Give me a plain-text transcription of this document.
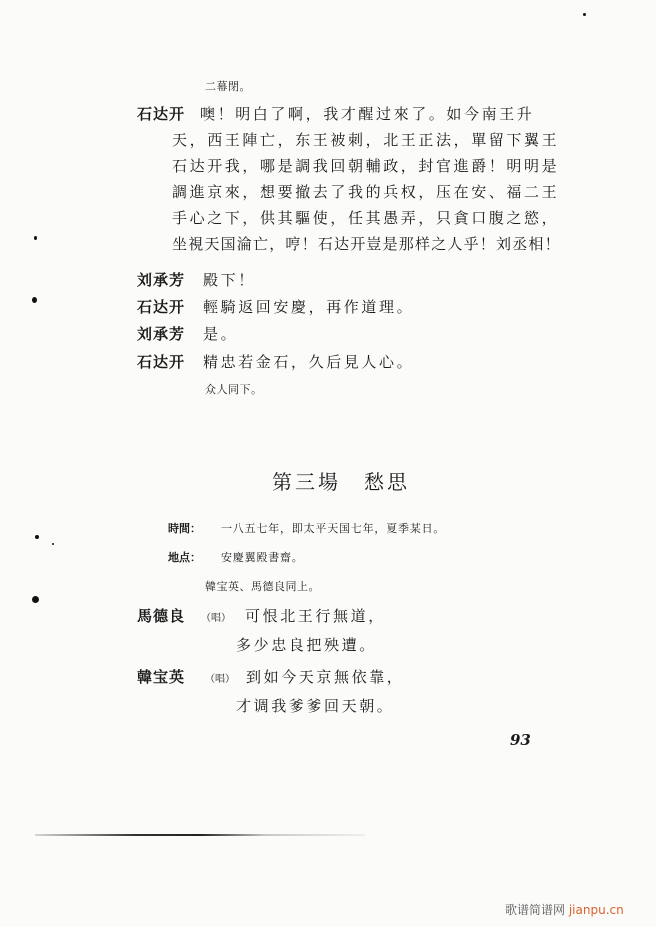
二幕閉。
石达开 噢！明白了啊，我才醒过來了。如今南王升
天，西王陣亡，东王被刺，北王正法，單留下翼王
石达开我，哪是調我回朝輔政，封官進爵！明明是
調進京來，想要撤去了我的兵权，压在安、福二王
手心之下，供其驅使，任其愚弄，只貪口腹之慾，
坐視天国淪亡，哼！石达开豈是那样之人乎！刘丞相！
刘承芳 殿下！
石达开 輕騎返回安慶，再作道理。
刘承芳 是。
石达开 精忠若金石，久后見人心。
众人同下。
第三場　愁思
時間： 一八五七年，即太平天国七年，夏季某日。
地点： 安慶翼殿書齋。
韓宝英、馬德良同上。
馬德良 （唱） 可恨北王行無道，
多少忠良把殃遭。
韓宝英 （唱） 到如今天京無依靠，
才调我爹爹回天朝。
93
歌谱简谱网 jianpu.cn
